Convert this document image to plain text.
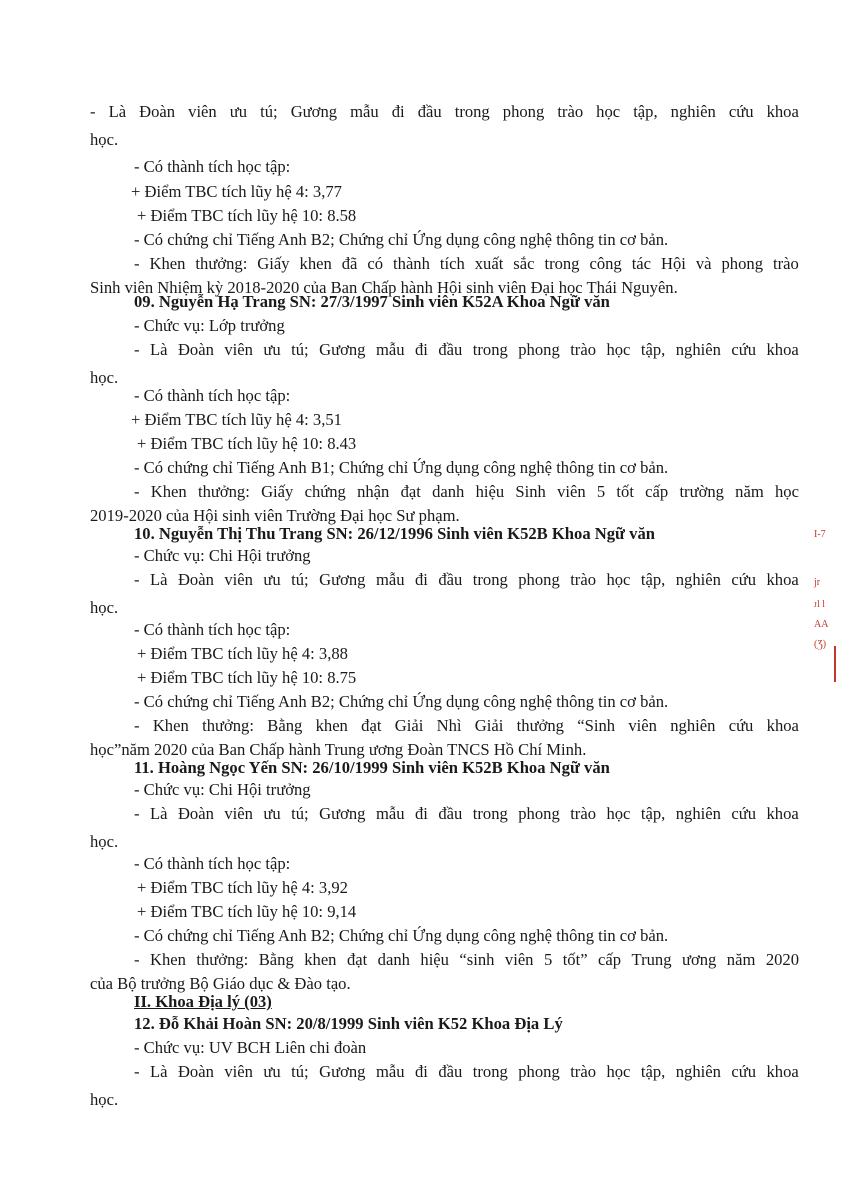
- Là Đoàn viên ưu tú; Gương mẫu đi đầu trong phong trào học tập, nghiên cứu khoa
học.
- Có thành tích học tập:
+ Điểm TBC tích lũy hệ 4: 3,77
+ Điểm TBC tích lũy hệ 10: 8.58
- Có chứng chỉ Tiếng Anh B2; Chứng chỉ Ứng dụng công nghệ thông tin cơ bản.
- Khen thưởng: Giấy khen đã có thành tích xuất sắc trong công tác Hội và phong trào
Sinh viên Nhiệm kỳ 2018-2020 của Ban Chấp hành Hội sinh viên Đại học Thái Nguyên.
09. Nguyễn Hạ Trang SN: 27/3/1997 Sinh viên K52A Khoa Ngữ văn
- Chức vụ: Lớp trưởng
- Là Đoàn viên ưu tú; Gương mẫu đi đầu trong phong trào học tập, nghiên cứu khoa
học.
- Có thành tích học tập:
+ Điểm TBC tích lũy hệ 4: 3,51
+ Điểm TBC tích lũy hệ 10: 8.43
- Có chứng chỉ Tiếng Anh B1; Chứng chỉ Ứng dụng công nghệ thông tin cơ bản.
- Khen thưởng: Giấy chứng nhận đạt danh hiệu Sinh viên 5 tốt cấp trường năm học
2019-2020 của Hội sinh viên Trường Đại học Sư phạm.
10. Nguyễn Thị Thu Trang SN: 26/12/1996 Sinh viên K52B Khoa Ngữ văn
- Chức vụ: Chi Hội trưởng
- Là Đoàn viên ưu tú; Gương mẫu đi đầu trong phong trào học tập, nghiên cứu khoa
học.
- Có thành tích học tập:
+ Điểm TBC tích lũy hệ 4: 3,88
+ Điểm TBC tích lũy hệ 10: 8.75
- Có chứng chỉ Tiếng Anh B2; Chứng chỉ Ứng dụng công nghệ thông tin cơ bản.
- Khen thưởng: Bằng khen đạt Giải Nhì Giải thưởng “Sinh viên nghiên cứu khoa
học”năm 2020 của Ban Chấp hành Trung ương Đoàn TNCS Hồ Chí Minh.
11. Hoàng Ngọc Yến SN: 26/10/1999 Sinh viên K52B Khoa Ngữ văn
- Chức vụ: Chi Hội trưởng
- Là Đoàn viên ưu tú; Gương mẫu đi đầu trong phong trào học tập, nghiên cứu khoa
học.
- Có thành tích học tập:
+ Điểm TBC tích lũy hệ 4: 3,92
+ Điểm TBC tích lũy hệ 10: 9,14
- Có chứng chỉ Tiếng Anh B2; Chứng chỉ Ứng dụng công nghệ thông tin cơ bản.
- Khen thưởng: Bằng khen đạt danh hiệu “sinh viên 5 tốt” cấp Trung ương năm 2020
của Bộ trưởng Bộ Giáo dục & Đào tạo.
II. Khoa Địa lý (03)
12. Đỗ Khải Hoàn SN: 20/8/1999 Sinh viên K52 Khoa Địa Lý
- Chức vụ: UV BCH Liên chi đoàn
- Là Đoàn viên ưu tú; Gương mẫu đi đầu trong phong trào học tập, nghiên cứu khoa
học.
I-7
jr
ᴊl l
AA
(Ʒ)
